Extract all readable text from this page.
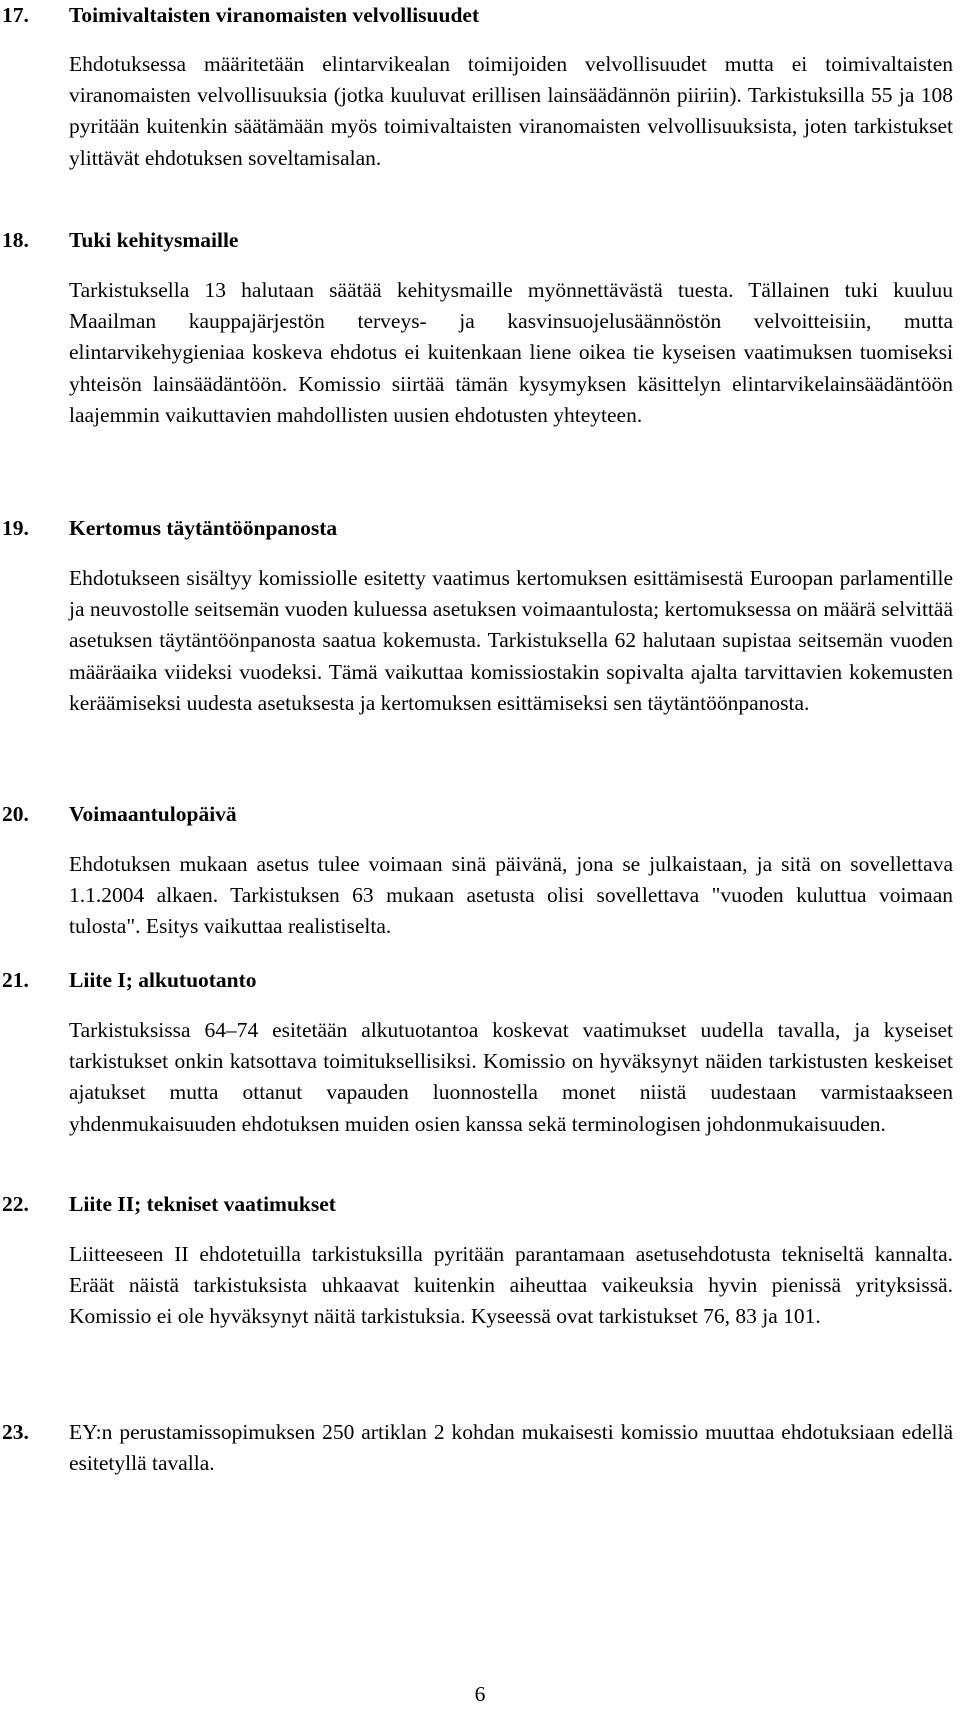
17. Toimivaltaisten viranomaisten velvollisuudet
Ehdotuksessa määritetään elintarvikealan toimijoiden velvollisuudet mutta ei toimivaltaisten viranomaisten velvollisuuksia (jotka kuuluvat erillisen lainsäädännön piiriin). Tarkistuksilla 55 ja 108 pyritään kuitenkin säätämään myös toimivaltaisten viranomaisten velvollisuuksista, joten tarkistukset ylittävät ehdotuksen soveltamisalan.
18. Tuki kehitysmaille
Tarkistuksella 13 halutaan säätää kehitysmaille myönnettävästä tuesta. Tällainen tuki kuuluu Maailman kauppajärjestön terveys- ja kasvinsuojelusäännöstön velvoitteisiin, mutta elintarvikehygieniaa koskeva ehdotus ei kuitenkaan liene oikea tie kyseisen vaatimuksen tuomiseksi yhteisön lainsäädäntöön. Komissio siirtää tämän kysymyksen käsittelyn elintarvikelainsäädäntöön laajemmin vaikuttavien mahdollisten uusien ehdotusten yhteyteen.
19. Kertomus täytäntöönpanosta
Ehdotukseen sisältyy komissiolle esitetty vaatimus kertomuksen esittämisestä Euroopan parlamentille ja neuvostolle seitsemän vuoden kuluessa asetuksen voimaantulosta; kertomuksessa on määrä selvittää asetuksen täytäntöönpanosta saatua kokemusta. Tarkistuksella 62 halutaan supistaa seitsemän vuoden määräaika viideksi vuodeksi. Tämä vaikuttaa komissiostakin sopivalta ajalta tarvittavien kokemusten keräämiseksi uudesta asetuksesta ja kertomuksen esittämiseksi sen täytäntöönpanosta.
20. Voimaantulopäivä
Ehdotuksen mukaan asetus tulee voimaan sinä päivänä, jona se julkaistaan, ja sitä on sovellettava 1.1.2004 alkaen. Tarkistuksen 63 mukaan asetusta olisi sovellettava "vuoden kuluttua voimaan tulosta". Esitys vaikuttaa realistiselta.
21. Liite I; alkutuotanto
Tarkistuksissa 64–74 esitetään alkutuotantoa koskevat vaatimukset uudella tavalla, ja kyseiset tarkistukset onkin katsottava toimituksellisiksi. Komissio on hyväksynyt näiden tarkistusten keskeiset ajatukset mutta ottanut vapauden luonnostella monet niistä uudestaan varmistaakseen yhdenmukaisuuden ehdotuksen muiden osien kanssa sekä terminologisen johdonmukaisuuden.
22. Liite II; tekniset vaatimukset
Liitteeseen II ehdotetuilla tarkistuksilla pyritään parantamaan asetusehdotusta tekniseltä kannalta. Eräät näistä tarkistuksista uhkaavat kuitenkin aiheuttaa vaikeuksia hyvin pienissä yrityksissä. Komissio ei ole hyväksynyt näitä tarkistuksia. Kyseessä ovat tarkistukset 76, 83 ja 101.
23. EY:n perustamissopimuksen 250 artiklan 2 kohdan mukaisesti komissio muuttaa ehdotuksiaan edellä esitetyllä tavalla.
6
